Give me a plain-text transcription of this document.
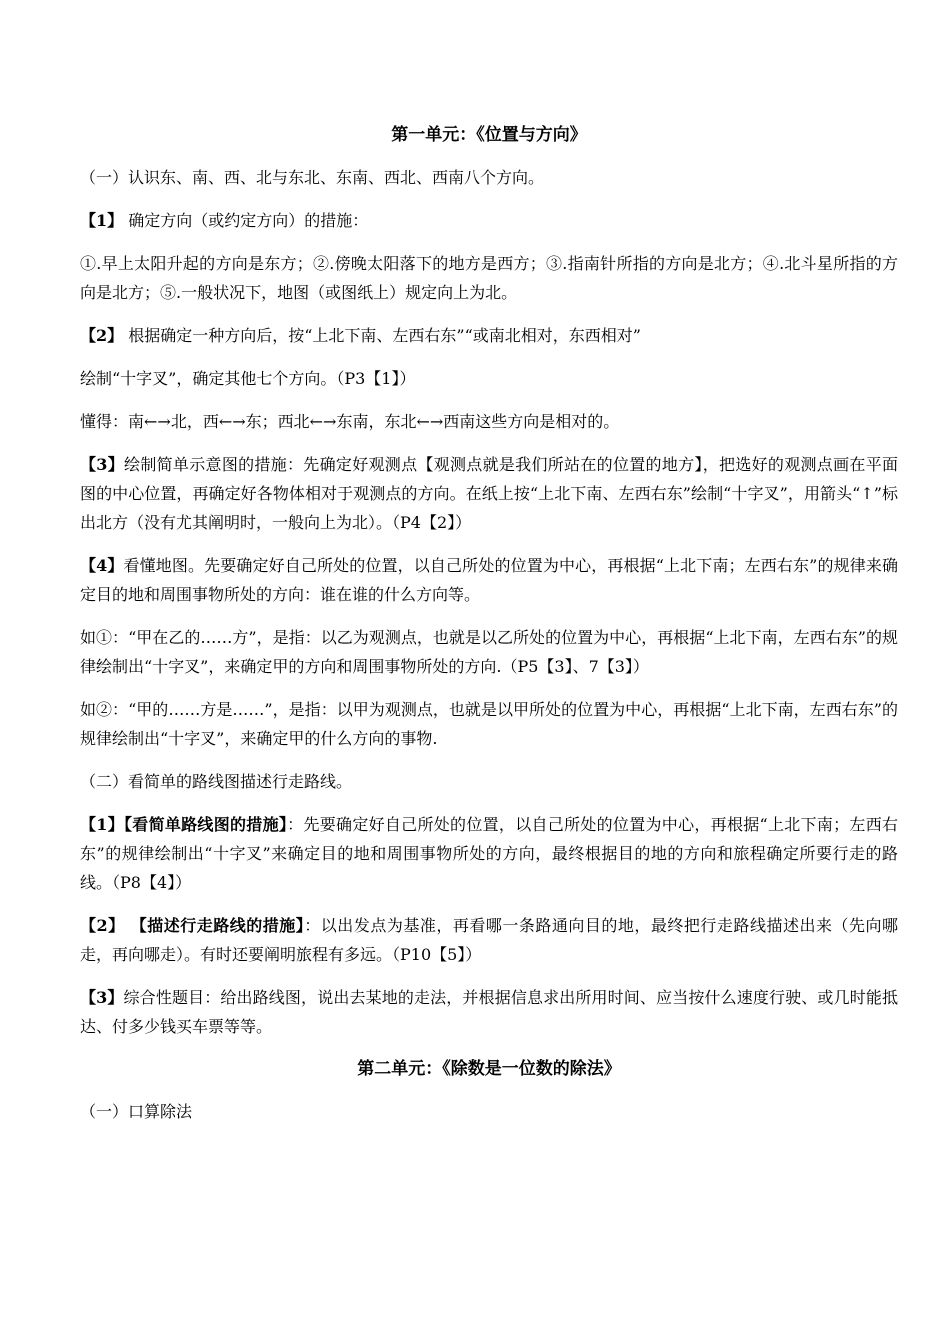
第一单元：《位置与方向》

（一）认识东、南、西、北与东北、东南、西北、西南八个方向。

【1】 确定方向（或约定方向）的措施：

①.早上太阳升起的方向是东方；②.傍晚太阳落下的地方是西方；③.指南针所指的方向是北方；④.北斗星所指的方向是北方；⑤.一般状况下，地图（或图纸上）规定向上为北。

【2】 根据确定一种方向后，按“上北下南、左西右东”“或南北相对，东西相对”

绘制“十字叉”，确定其他七个方向。（P3【1】）

懂得：南←→北，西←→东；西北←→东南，东北←→西南这些方向是相对的。

【3】绘制简单示意图的措施：先确定好观测点【观测点就是我们所站在的位置的地方】，把选好的观测点画在平面图的中心位置，再确定好各物体相对于观测点的方向。在纸上按“上北下南、左西右东”绘制“十字叉”，用箭头“↑”标出北方（没有尤其阐明时，一般向上为北）。（P4【2】）

【4】看懂地图。先要确定好自己所处的位置，以自己所处的位置为中心，再根据“上北下南；左西右东”的规律来确定目的地和周围事物所处的方向：谁在谁的什么方向等。

如①：“甲在乙的……方”，是指：以乙为观测点，也就是以乙所处的位置为中心，再根据“上北下南，左西右东”的规律绘制出“十字叉”，来确定甲的方向和周围事物所处的方向.（P5【3】、7【3】）

如②：“甲的……方是……”，是指：以甲为观测点，也就是以甲所处的位置为中心，再根据“上北下南，左西右东”的规律绘制出“十字叉”，来确定甲的什么方向的事物.

（二）看简单的路线图描述行走路线。

【1】【看简单路线图的措施】：先要确定好自己所处的位置，以自己所处的位置为中心，再根据“上北下南；左西右东”的规律绘制出“十字叉”来确定目的地和周围事物所处的方向，最终根据目的地的方向和旅程确定所要行走的路线。（P8【4】）

【2】 【描述行走路线的措施】：以出发点为基准，再看哪一条路通向目的地，最终把行走路线描述出来（先向哪走，再向哪走）。有时还要阐明旅程有多远。（P10【5】）

【3】综合性题目：给出路线图，说出去某地的走法，并根据信息求出所用时间、应当按什么速度行驶、或几时能抵达、付多少钱买车票等等。

第二单元：《除数是一位数的除法》

（一）口算除法
